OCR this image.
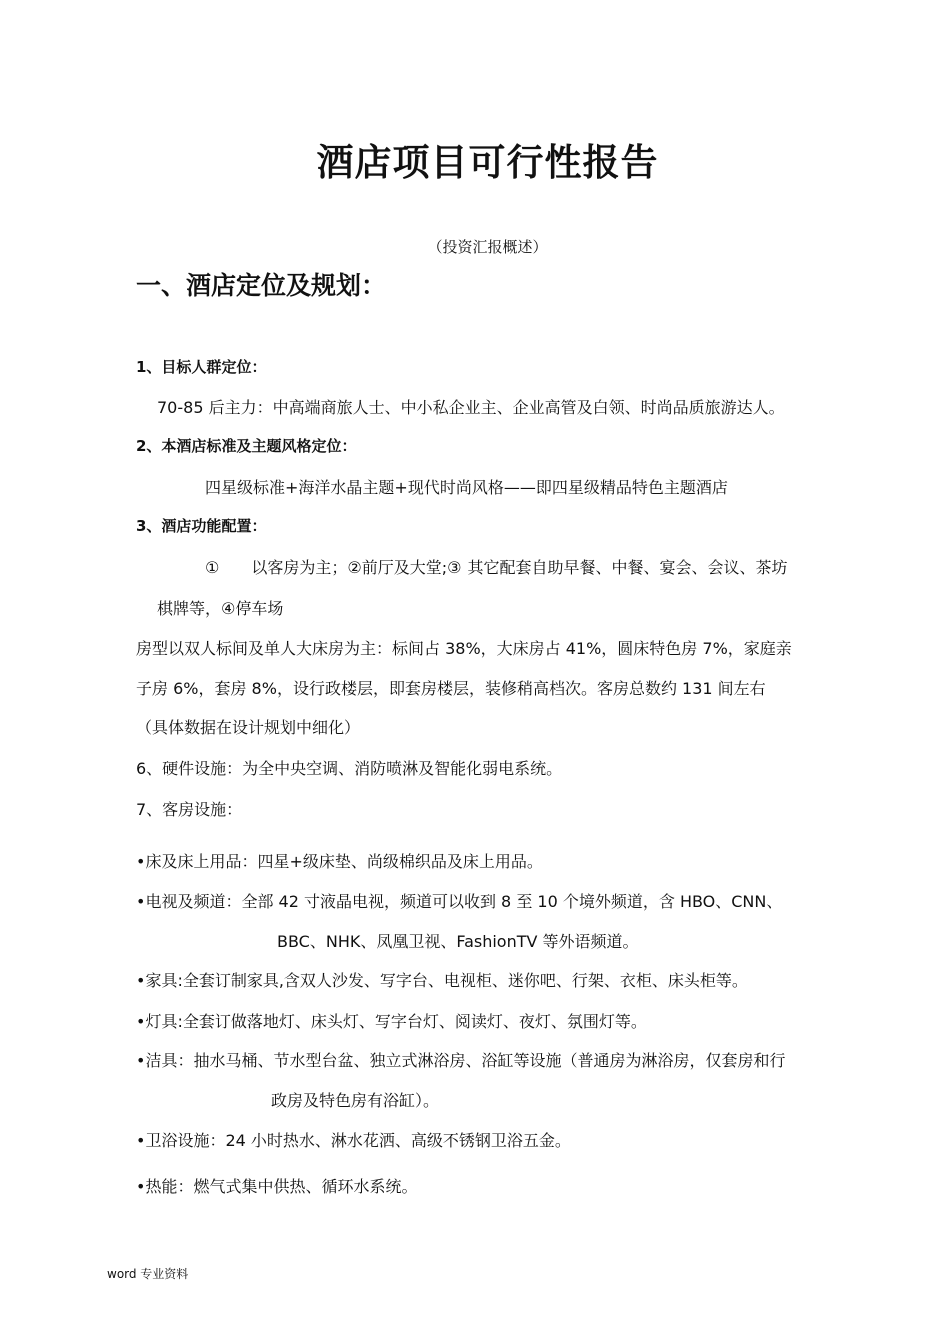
酒店项目可行性报告
（投资汇报概述）
一、酒店定位及规划：
1、目标人群定位：
70-85 后主力：中高端商旅人士、中小私企业主、企业高管及白领、时尚品质旅游达人。
2、本酒店标准及主题风格定位：
四星级标准+海洋水晶主题+现代时尚风格——即四星级精品特色主题酒店
3、酒店功能配置：
①　　以客房为主；②前厅及大堂;③ 其它配套自助早餐、中餐、宴会、会议、茶坊
棋牌等，④停车场
房型以双人标间及单人大床房为主：标间占 38%，大床房占 41%，圆床特色房 7%，家庭亲
子房 6%，套房 8%，设行政楼层，即套房楼层，装修稍高档次。客房总数约 131 间左右
（具体数据在设计规划中细化）
6、硬件设施：为全中央空调、消防喷淋及智能化弱电系统。
7、客房设施：
•床及床上用品：四星+级床垫、尚级棉织品及床上用品。
•电视及频道：全部 42 寸液晶电视，频道可以收到 8 至 10 个境外频道，含 HBO、CNN、
BBC、NHK、凤凰卫视、FashionTV 等外语频道。
•家具:全套订制家具,含双人沙发、写字台、电视柜、迷你吧、行架、衣柜、床头柜等。
•灯具:全套订做落地灯、床头灯、写字台灯、阅读灯、夜灯、氛围灯等。
•洁具：抽水马桶、节水型台盆、独立式淋浴房、浴缸等设施（普通房为淋浴房，仅套房和行
政房及特色房有浴缸）。
•卫浴设施：24 小时热水、淋水花洒、高级不锈钢卫浴五金。
•热能：燃气式集中供热、循环水系统。
word 专业资料
